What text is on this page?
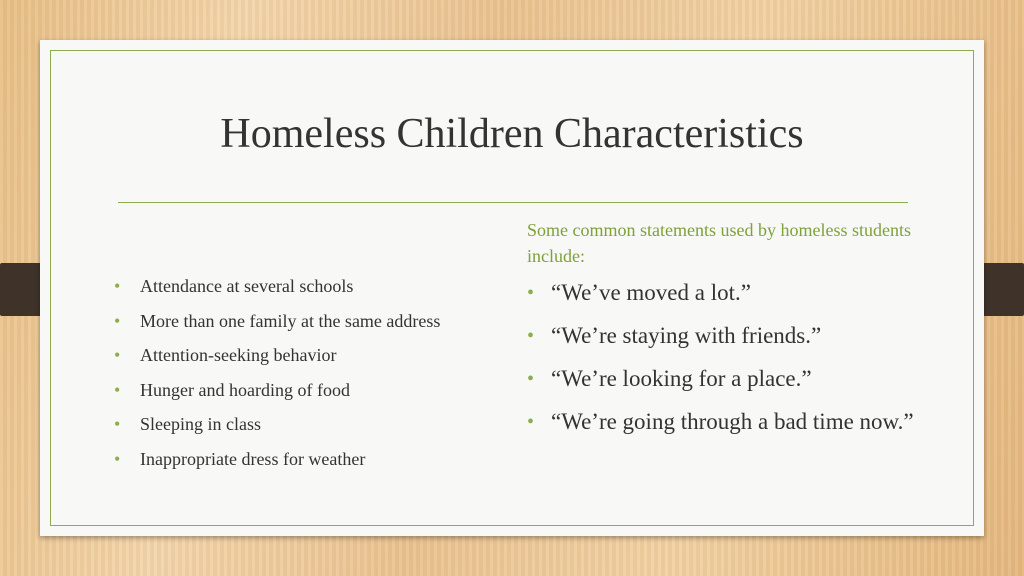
Homeless Children Characteristics
• Attendance at several schools
• More than one family at the same address
• Attention-seeking behavior
• Hunger and hoarding of food
• Sleeping in class
• Inappropriate dress for weather

Some common statements used by homeless students include:

• “We’ve moved a lot.”
• “We’re staying with friends.”
• “We’re looking for a place.”
• “We’re going through a bad time now.”
